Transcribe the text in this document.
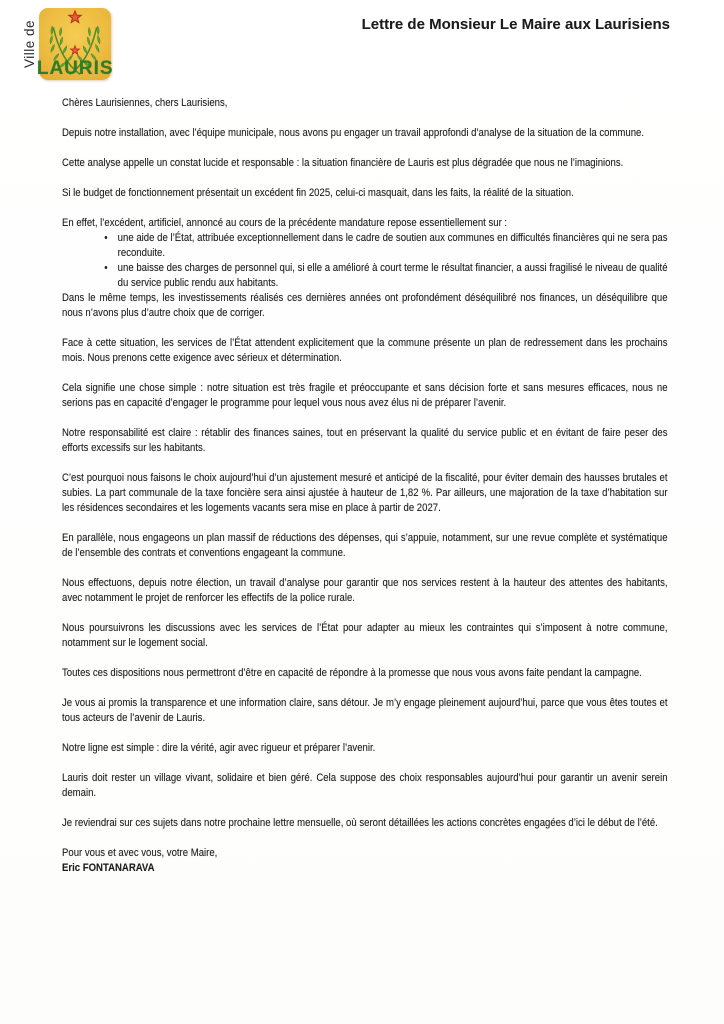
Ville de
LAURIS
Lettre de Monsieur Le Maire aux Laurisiens

Chères Laurisiennes, chers Laurisiens,

Depuis notre installation, avec l’équipe municipale, nous avons pu engager un travail approfondi d’analyse de la situation de la commune.

Cette analyse appelle un constat lucide et responsable : la situation financière de Lauris est plus dégradée que nous ne l’imaginions.

Si le budget de fonctionnement présentait un excédent fin 2025, celui-ci masquait, dans les faits, la réalité de la situation.

En effet, l’excédent, artificiel, annoncé au cours de la précédente mandature repose essentiellement sur :

• une aide de l’État, attribuée exceptionnellement dans le cadre de soutien aux communes en difficultés financières qui ne sera pas reconduite.
• une baisse des charges de personnel qui, si elle a amélioré à court terme le résultat financier, a aussi fragilisé le niveau de qualité du service public rendu aux habitants.

Dans le même temps, les investissements réalisés ces dernières années ont profondément déséquilibré nos finances, un déséquilibre que nous n’avons plus d’autre choix que de corriger.

Face à cette situation, les services de l’État attendent explicitement que la commune présente un plan de redressement dans les prochains mois. Nous prenons cette exigence avec sérieux et détermination.

Cela signifie une chose simple : notre situation est très fragile et préoccupante et sans décision forte et sans mesures efficaces, nous ne serions pas en capacité d’engager le programme pour lequel vous nous avez élus ni de préparer l’avenir.

Notre responsabilité est claire : rétablir des finances saines, tout en préservant la qualité du service public et en évitant de faire peser des efforts excessifs sur les habitants.

C’est pourquoi nous faisons le choix aujourd’hui d’un ajustement mesuré et anticipé de la fiscalité, pour éviter demain des hausses brutales et subies. La part communale de la taxe foncière sera ainsi ajustée à hauteur de 1,82 %. Par ailleurs, une majoration de la taxe d’habitation sur les résidences secondaires et les logements vacants sera mise en place à partir de 2027.

En parallèle, nous engageons un plan massif de réductions des dépenses, qui s’appuie, notamment, sur une revue complète et systématique de l’ensemble des contrats et conventions engageant la commune.

Nous effectuons, depuis notre élection, un travail d’analyse pour garantir que nos services restent à la hauteur des attentes des habitants, avec notamment le projet de renforcer les effectifs de la police rurale.

Nous poursuivrons les discussions avec les services de l’État pour adapter au mieux les contraintes qui s’imposent à notre commune, notamment sur le logement social.

Toutes ces dispositions nous permettront d’être en capacité de répondre à la promesse que nous vous avons faite pendant la campagne.

Je vous ai promis la transparence et une information claire, sans détour. Je m’y engage pleinement aujourd’hui, parce que vous êtes toutes et tous acteurs de l’avenir de Lauris.

Notre ligne est simple : dire la vérité, agir avec rigueur et préparer l’avenir.

Lauris doit rester un village vivant, solidaire et bien géré. Cela suppose des choix responsables aujourd’hui pour garantir un avenir serein demain.

Je reviendrai sur ces sujets dans notre prochaine lettre mensuelle, où seront détaillées les actions concrètes engagées d’ici le début de l’été.

Pour vous et avec vous, votre Maire,

Eric FONTANARAVA
